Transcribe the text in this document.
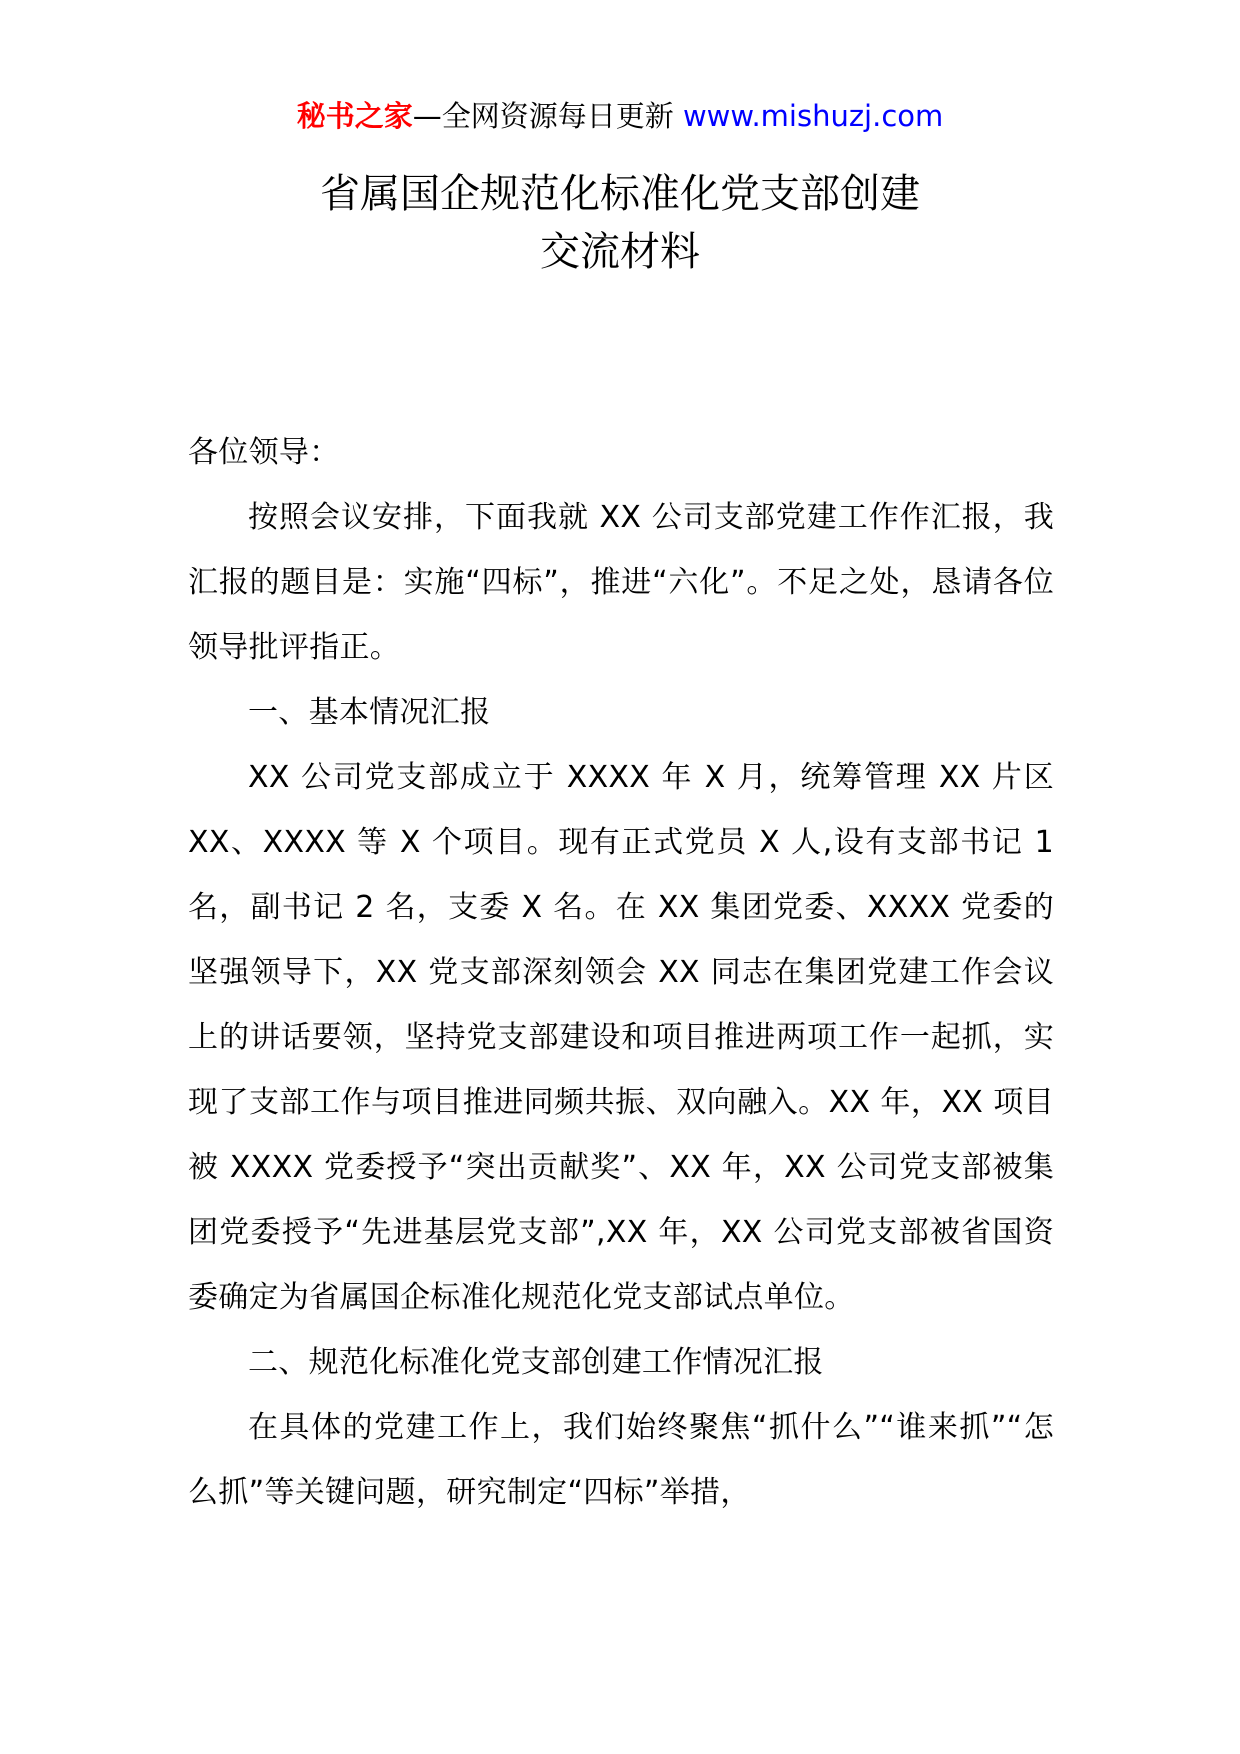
秘书之家—全网资源每日更新 www.mishuzj.com
省属国企规范化标准化党支部创建
交流材料

各位领导：

按照会议安排，下面我就 XX 公司支部党建工作作汇报，我汇报的题目是：实施“四标”，推进“六化”。不足之处，恳请各位领导批评指正。

一、基本情况汇报

XX 公司党支部成立于 XXXX 年 X 月，统筹管理 XX 片区 XX、XXXX 等 X 个项目。现有正式党员 X 人,设有支部书记 1 名，副书记 2 名，支委 X 名。在 XX 集团党委、XXXX 党委的坚强领导下，XX 党支部深刻领会 XX 同志在集团党建工作会议上的讲话要领，坚持党支部建设和项目推进两项工作一起抓，实现了支部工作与项目推进同频共振、双向融入。XX 年，XX 项目被 XXXX 党委授予“突出贡献奖”、XX 年，XX 公司党支部被集团党委授予“先进基层党支部”,XX 年，XX 公司党支部被省国资委确定为省属国企标准化规范化党支部试点单位。

二、规范化标准化党支部创建工作情况汇报

在具体的党建工作上，我们始终聚焦“抓什么”“谁来抓”“怎么抓”等关键问题，研究制定“四标”举措，
